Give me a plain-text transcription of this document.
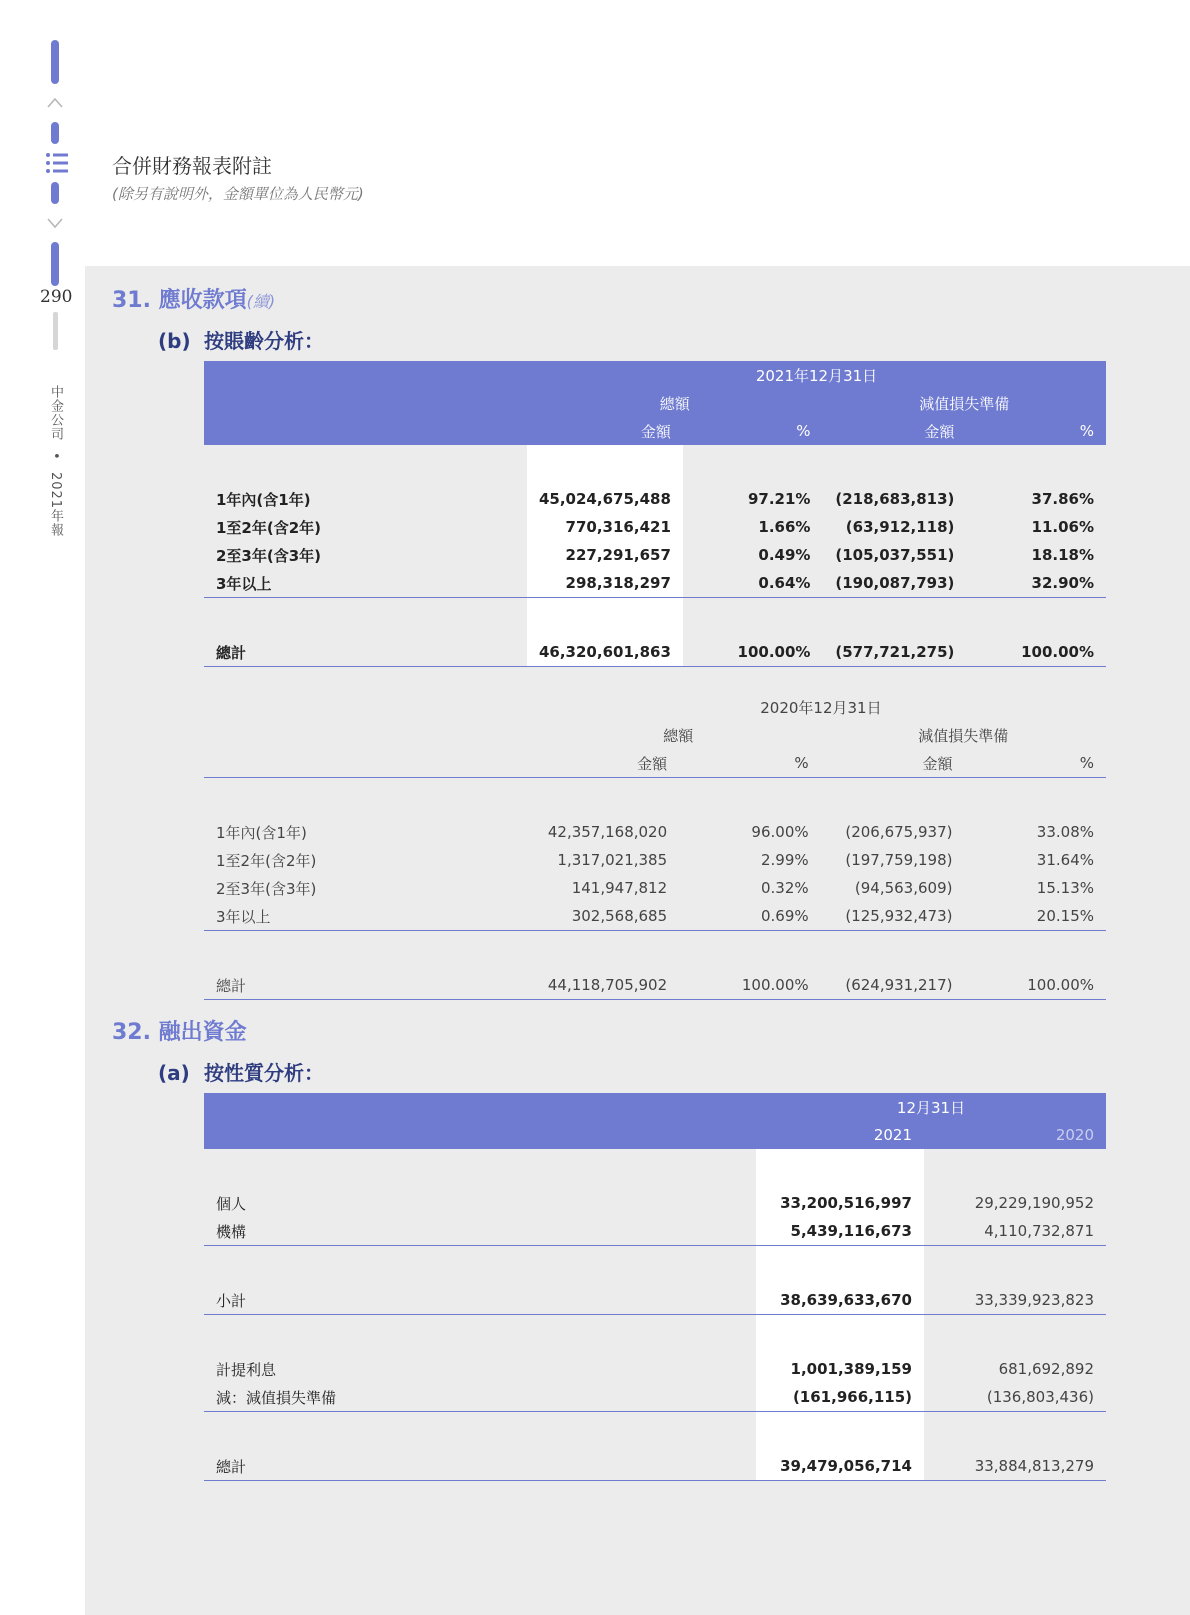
290
中金公司 • 2021年報
合併財務報表附註
(除另有說明外，金額單位為人民幣元)
31. 應收款項(續)
(b) 按賬齡分析：
	2021年12月31日			
	總額		減值損失準備	
	金額	%	金額	%

1年內(含1年)	45,024,675,488	97.21%	(218,683,813)	37.86%
1至2年(含2年)	770,316,421	1.66%	(63,912,118)	11.06%
2至3年(含3年)	227,291,657	0.49%	(105,037,551)	18.18%
3年以上	298,318,297	0.64%	(190,087,793)	32.90%

總計	46,320,601,863	100.00%	(577,721,275)	100.00%
	2020年12月31日			
	總額		減值損失準備	
	金額	%	金額	%

1年內(含1年)	42,357,168,020	96.00%	(206,675,937)	33.08%
1至2年(含2年)	1,317,021,385	2.99%	(197,759,198)	31.64%
2至3年(含3年)	141,947,812	0.32%	(94,563,609)	15.13%
3年以上	302,568,685	0.69%	(125,932,473)	20.15%

總計	44,118,705,902	100.00%	(624,931,217)	100.00%
32. 融出資金
(a) 按性質分析：
	12月31日	
	2021	2020

個人	33,200,516,997	29,229,190,952
機構	5,439,116,673	4,110,732,871

小計	38,639,633,670	33,339,923,823

計提利息	1,001,389,159	681,692,892
減：減值損失準備	(161,966,115)	(136,803,436)

總計	39,479,056,714	33,884,813,279
